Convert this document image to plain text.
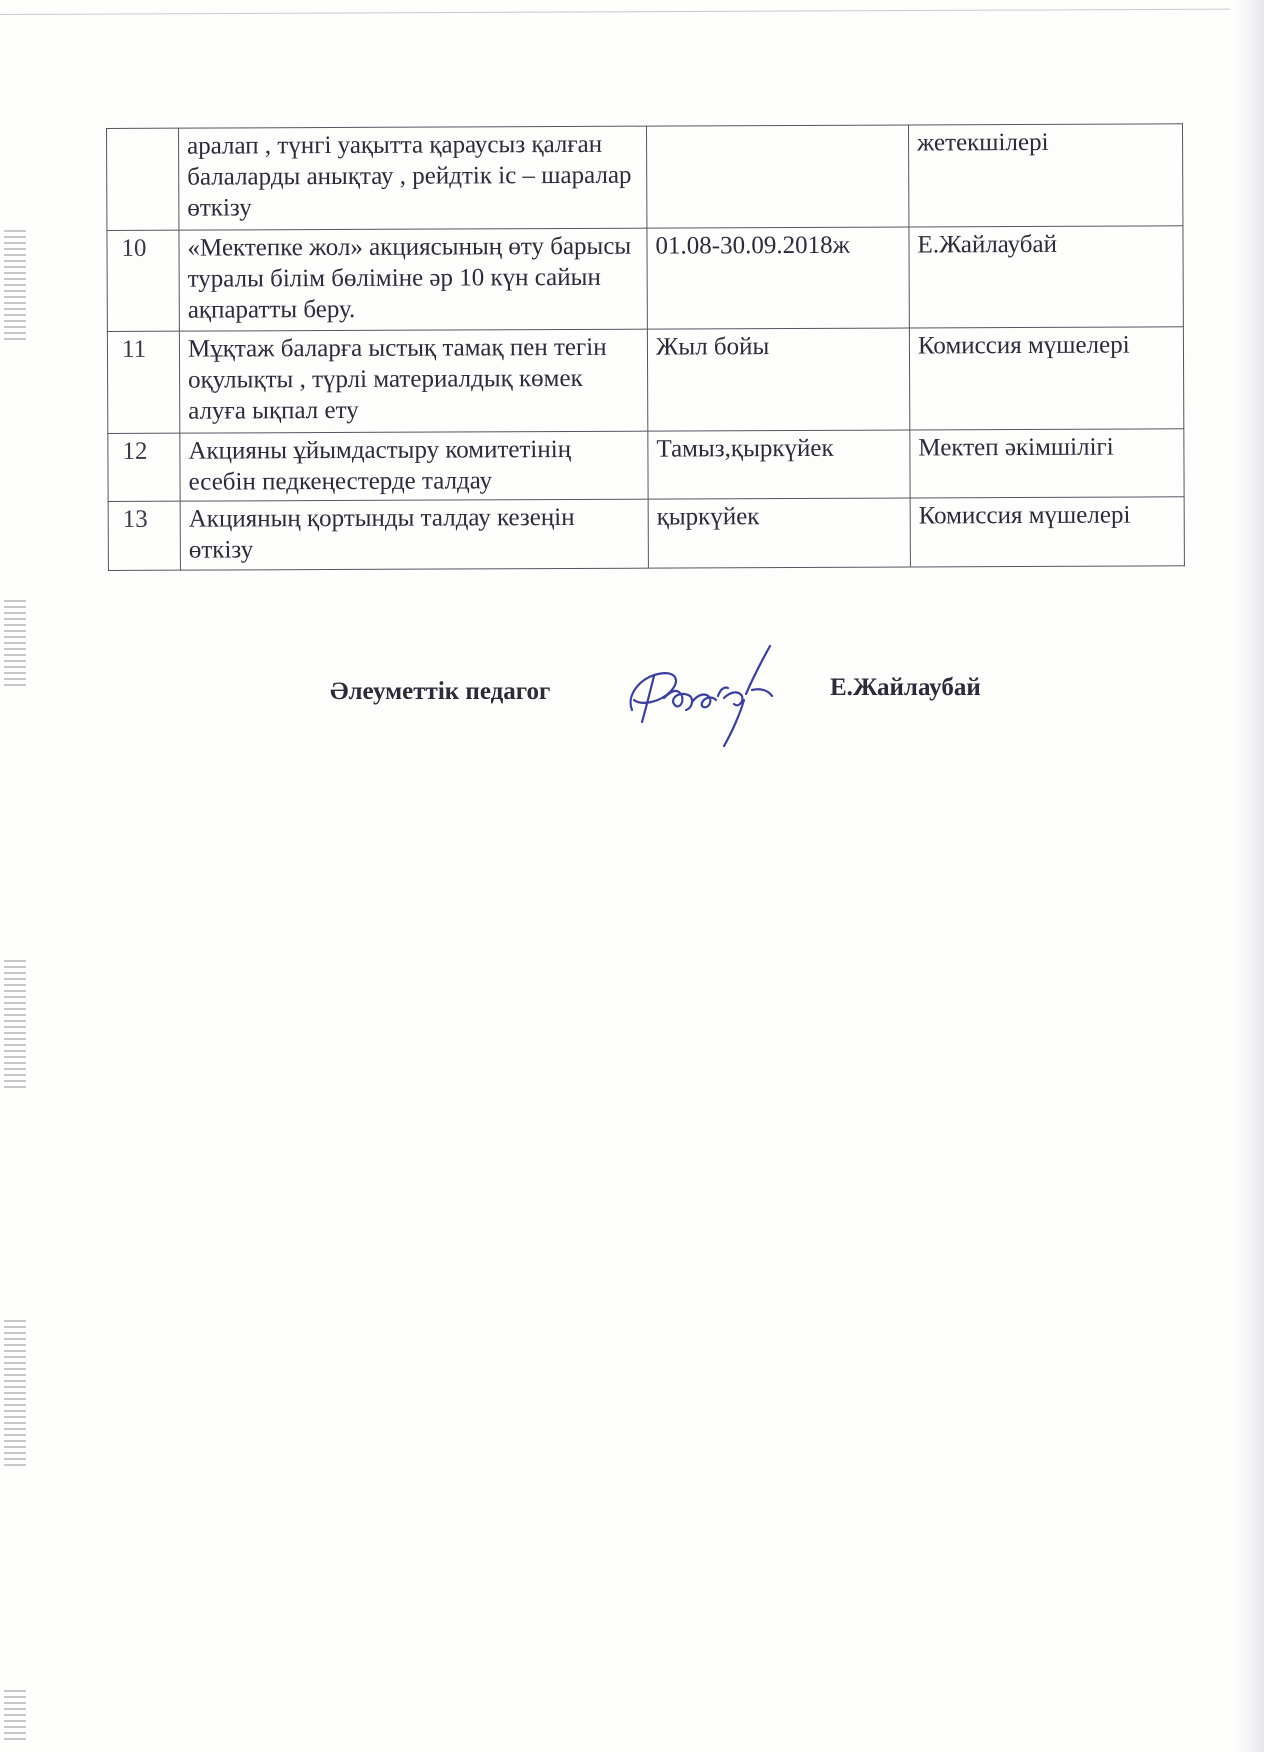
	аралап , түнгі уақытта қараусыз қалған балаларды анықтау , рейдтік іс – шаралар өткізу		жетекшілері
10	«Мектепке жол» акциясының өту барысы туралы білім бөліміне әр 10 күн сайын ақпаратты беру.	01.08-30.09.2018ж	Е.Жайлаубай
11	Мұқтаж баларға ыстық тамақ пен тегін оқулықты , түрлі материалдық көмек алуға ықпал ету	Жыл бойы	Комиссия мүшелері
12	Акцияны ұйымдастыру комитетінің есебін педкеңестерде талдау	Тамыз,қыркүйек	Мектеп әкімшілігі
13	Акцияның қортынды талдау кезеңін өткізу	қыркүйек	Комиссия мүшелері
Әлеуметтік педагог	Е.Жайлаубай
